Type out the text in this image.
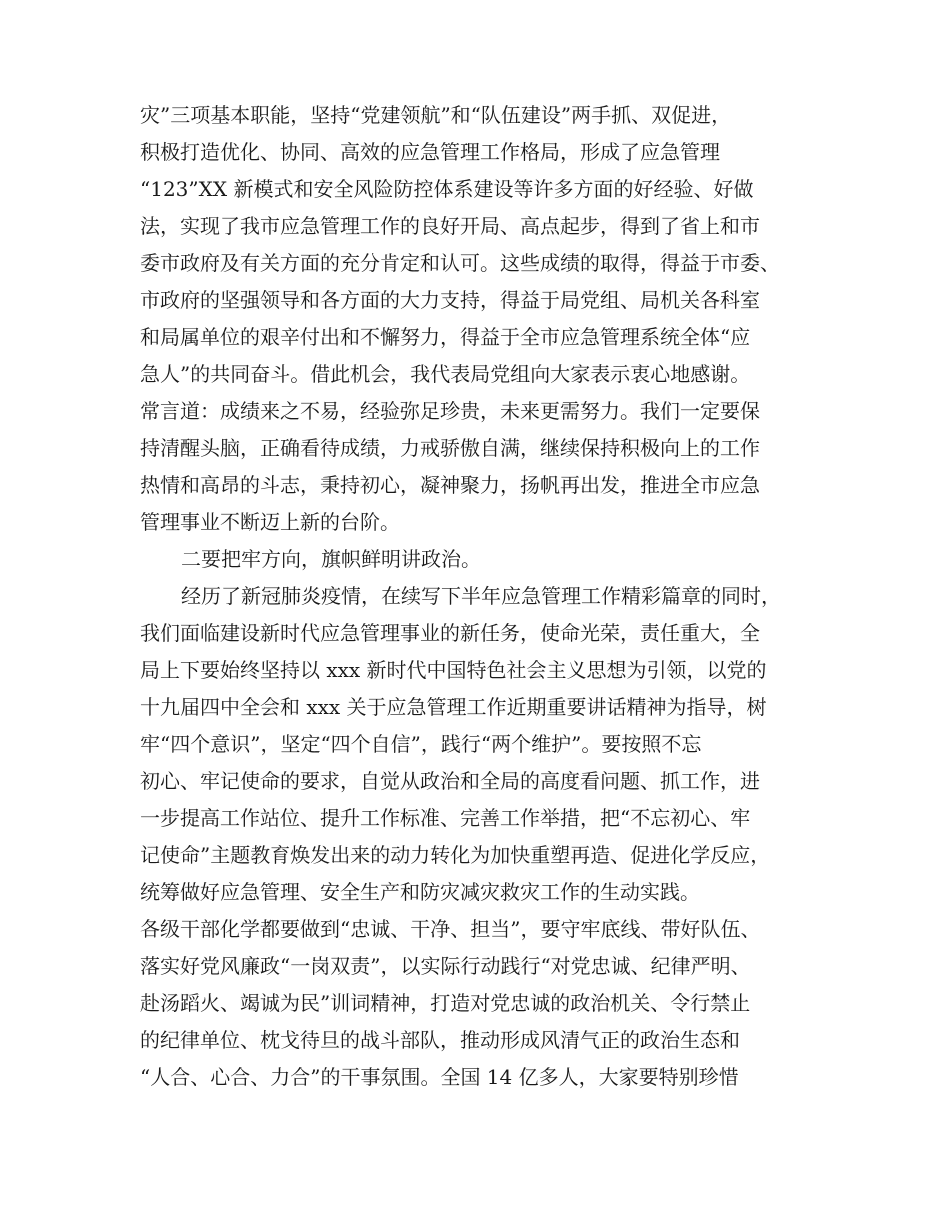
灾”三项基本职能，坚持“党建领航”和“队伍建设”两手抓、双促进，

积极打造优化、协同、高效的应急管理工作格局，形成了应急管理

“123”XX 新模式和安全风险防控体系建设等许多方面的好经验、好做

法，实现了我市应急管理工作的良好开局、高点起步，得到了省上和市

委市政府及有关方面的充分肯定和认可。这些成绩的取得，得益于市委、

市政府的坚强领导和各方面的大力支持，得益于局党组、局机关各科室

和局属单位的艰辛付出和不懈努力，得益于全市应急管理系统全体“应

急人”的共同奋斗。借此机会，我代表局党组向大家表示衷心地感谢。

常言道：成绩来之不易，经验弥足珍贵，未来更需努力。我们一定要保

持清醒头脑，正确看待成绩，力戒骄傲自满，继续保持积极向上的工作

热情和高昂的斗志，秉持初心，凝神聚力，扬帆再出发，推进全市应急

管理事业不断迈上新的台阶。

二要把牢方向，旗帜鲜明讲政治。

经历了新冠肺炎疫情，在续写下半年应急管理工作精彩篇章的同时，

我们面临建设新时代应急管理事业的新任务，使命光荣，责任重大，全

局上下要始终坚持以 xxx 新时代中国特色社会主义思想为引领，以党的

十九届四中全会和 xxx 关于应急管理工作近期重要讲话精神为指导，树

牢“四个意识”，坚定“四个自信”，践行“两个维护”。要按照不忘

初心、牢记使命的要求，自觉从政治和全局的高度看问题、抓工作，进

一步提高工作站位、提升工作标准、完善工作举措，把“不忘初心、牢

记使命”主题教育焕发出来的动力转化为加快重塑再造、促进化学反应，

统筹做好应急管理、安全生产和防灾减灾救灾工作的生动实践。

各级干部化学都要做到“忠诚、干净、担当”，要守牢底线、带好队伍、

落实好党风廉政“一岗双责”，以实际行动践行“对党忠诚、纪律严明、

赴汤蹈火、竭诚为民”训词精神，打造对党忠诚的政治机关、令行禁止

的纪律单位、枕戈待旦的战斗部队，推动形成风清气正的政治生态和

“人合、心合、力合”的干事氛围。全国 14 亿多人，大家要特别珍惜
